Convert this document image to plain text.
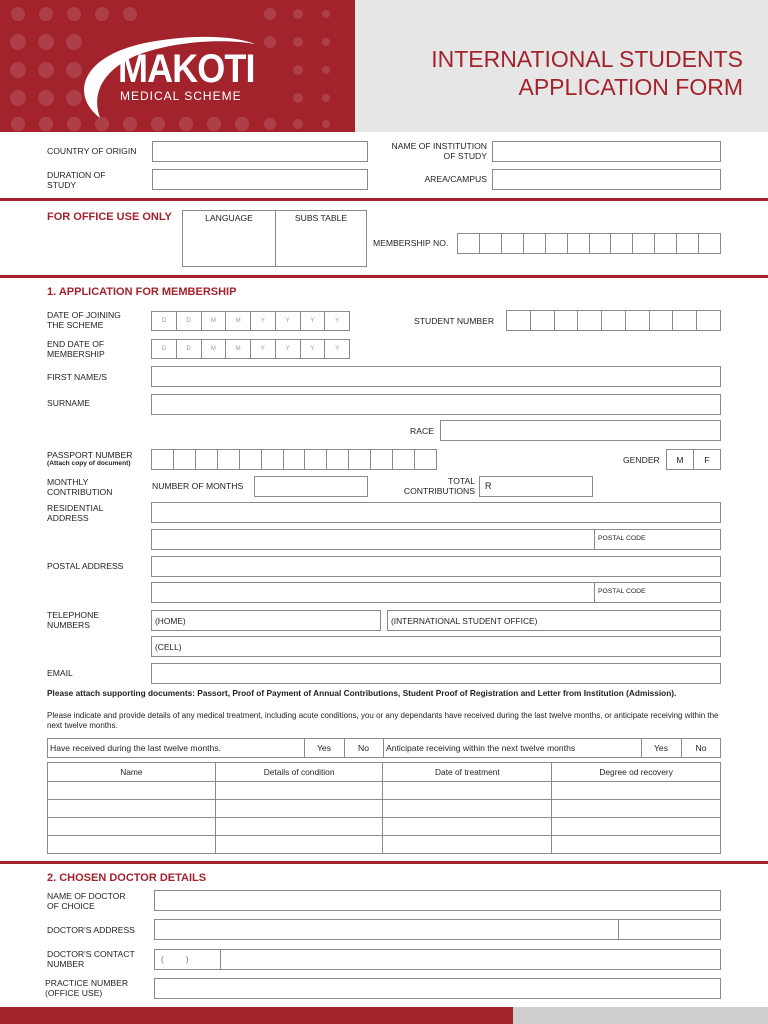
MAKOTI
MEDICAL SCHEME
INTERNATIONAL STUDENTS
APPLICATION FORM
COUNTRY OF ORIGIN
DURATION OF STUDY
NAME OF INSTITUTION OF STUDY
AREA/CAMPUS
FOR OFFICE USE ONLY	LANGUAGE	SUBS TABLE
MEMBERSHIP NO.
1. APPLICATION FOR MEMBERSHIP
DATE OF JOINING THE SCHEME	D	D	M	M	Y	Y	Y	Y
END DATE OF MEMBERSHIP	D	D	M	M	Y	Y	Y	Y
STUDENT NUMBER
FIRST NAME/S
SURNAME
RACE
PASSPORT NUMBER
(Attach copy of document)	GENDER	M	F
MONTHLY CONTRIBUTION
NUMBER OF MONTHS	TOTAL CONTRIBUTIONS R
RESIDENTIAL ADDRESS
POSTAL CODE
POSTAL ADDRESS
POSTAL CODE
TELEPHONE NUMBERS	(HOME)	(INTERNATIONAL STUDENT OFFICE)
(CELL)
EMAIL
Please attach supporting documents: Passort, Proof of Payment of Annual Contributions, Student Proof of Registration and Letter from Institution (Admission).
Please indicate and provide details of any medical treatment, including acute conditions, you or any dependants have received during the last twelve months, or anticipate receiving within the next twelve months.
Have received during the last twelve months.	Yes	No	Anticipate receiving within the next twelve months	Yes	No
Name	Details of condition	Date of treatment	Degree od recovery

2. CHOSEN DOCTOR DETAILS
NAME OF DOCTOR OF CHOICE
DOCTOR'S ADDRESS
DOCTOR'S CONTACT NUMBER	(          )
PRACTICE NUMBER (OFFICE USE)
